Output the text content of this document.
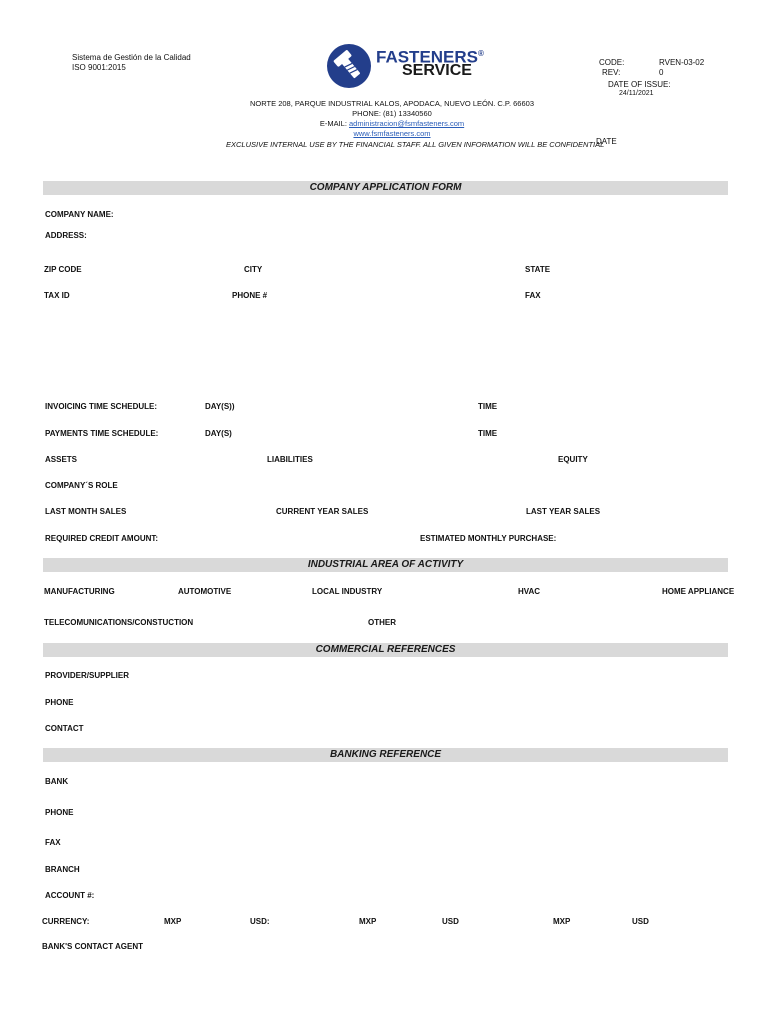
Sistema de Gestión de la Calidad
ISO 9001:2015
FASTENERS®
SERVICE	CODE:	RVEN-03-02
REV:	0
DATE OF ISSUE:
24/11/2021
NORTE 208, PARQUE INDUSTRIAL KALOS, APODACA, NUEVO LEÓN. C.P. 66603
PHONE: (81) 13340560
E-MAIL: administracion@fsmfasteners.com
www.fsmfasteners.com
EXCLUSIVE INTERNAL USE BY THE FINANCIAL STAFF. ALL GIVEN INFORMATION WILL BE CONFIDENTIAL
DATE
COMPANY APPLICATION FORM
COMPANY NAME:
ADDRESS:
ZIP CODE	CITY	STATE
TAX ID	PHONE #	FAX
INVOICING TIME SCHEDULE:	DAY(S))	TIME
PAYMENTS TIME SCHEDULE:	DAY(S)	TIME
ASSETS	LIABILITIES	EQUITY
COMPANY´S ROLE
LAST MONTH SALES	CURRENT YEAR SALES	LAST YEAR SALES
REQUIRED CREDIT AMOUNT:	ESTIMATED MONTHLY PURCHASE:
INDUSTRIAL AREA OF ACTIVITY
MANUFACTURING	AUTOMOTIVE	LOCAL INDUSTRY	HVAC	HOME APPLIANCE
TELECOMUNICATIONS/CONSTUCTION	OTHER
COMMERCIAL REFERENCES
PROVIDER/SUPPLIER
PHONE
CONTACT
BANKING REFERENCE
BANK
PHONE
FAX
BRANCH
ACCOUNT #:
CURRENCY:	MXP	USD:	MXP	USD	MXP	USD
BANK'S CONTACT AGENT
